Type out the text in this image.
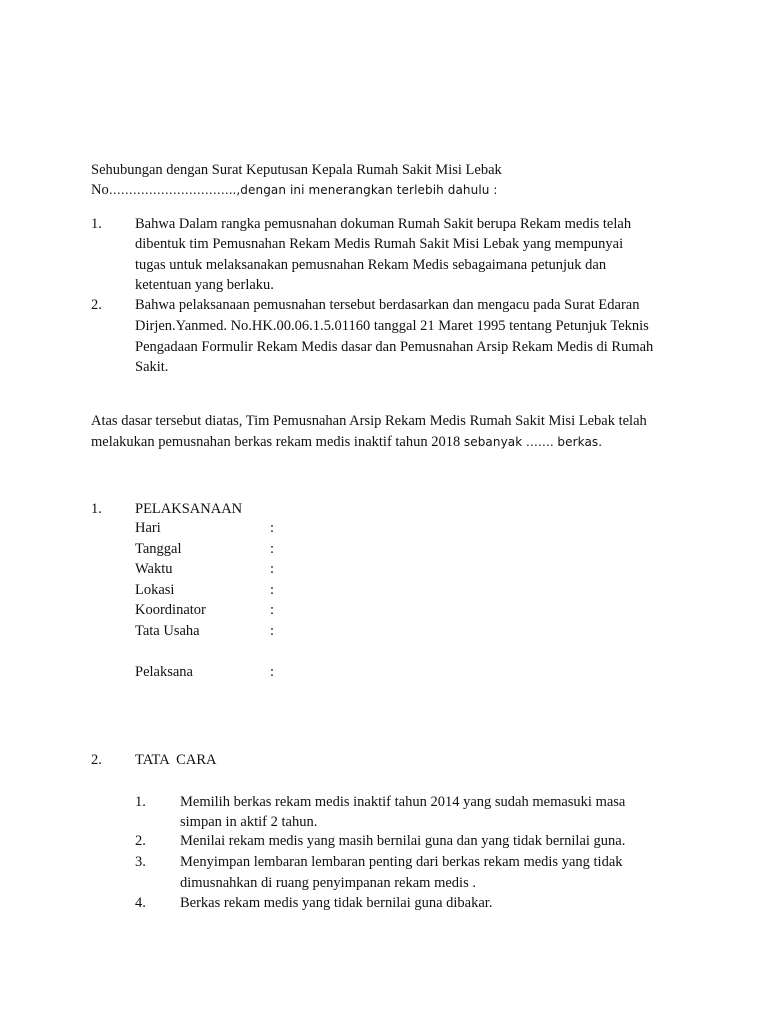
Sehubungan dengan Surat Keputusan Kepala Rumah Sakit Misi Lebak
No…………………………..,dengan ini menerangkan terlebih dahulu :
1. Bahwa Dalam rangka pemusnahan dokuman Rumah Sakit berupa Rekam medis telah
dibentuk tim Pemusnahan Rekam Medis Rumah Sakit Misi Lebak yang mempunyai
tugas untuk melaksanakan pemusnahan Rekam Medis sebagaimana petunjuk dan
ketentuan yang berlaku.
2. Bahwa pelaksanaan pemusnahan tersebut berdasarkan dan mengacu pada Surat Edaran
Dirjen.Yanmed. No.HK.00.06.1.5.01160 tanggal 21 Maret 1995 tentang Petunjuk Teknis
Pengadaan Formulir Rekam Medis dasar dan Pemusnahan Arsip Rekam Medis di Rumah
Sakit.
Atas dasar tersebut diatas, Tim Pemusnahan Arsip Rekam Medis Rumah Sakit Misi Lebak telah
melakukan pemusnahan berkas rekam medis inaktif tahun 2018 sebanyak ……. berkas.
1. PELAKSANAAN
Hari	:
Tanggal	:
Waktu	:
Lokasi	:
Koordinator	:
Tata Usaha	:
Pelaksana	:
2. TATA  CARA
1. Memilih berkas rekam medis inaktif tahun 2014 yang sudah memasuki masa
simpan in aktif 2 tahun.
2. Menilai rekam medis yang masih bernilai guna dan yang tidak bernilai guna.
3. Menyimpan lembaran lembaran penting dari berkas rekam medis yang tidak
dimusnahkan di ruang penyimpanan rekam medis .
4. Berkas rekam medis yang tidak bernilai guna dibakar.
